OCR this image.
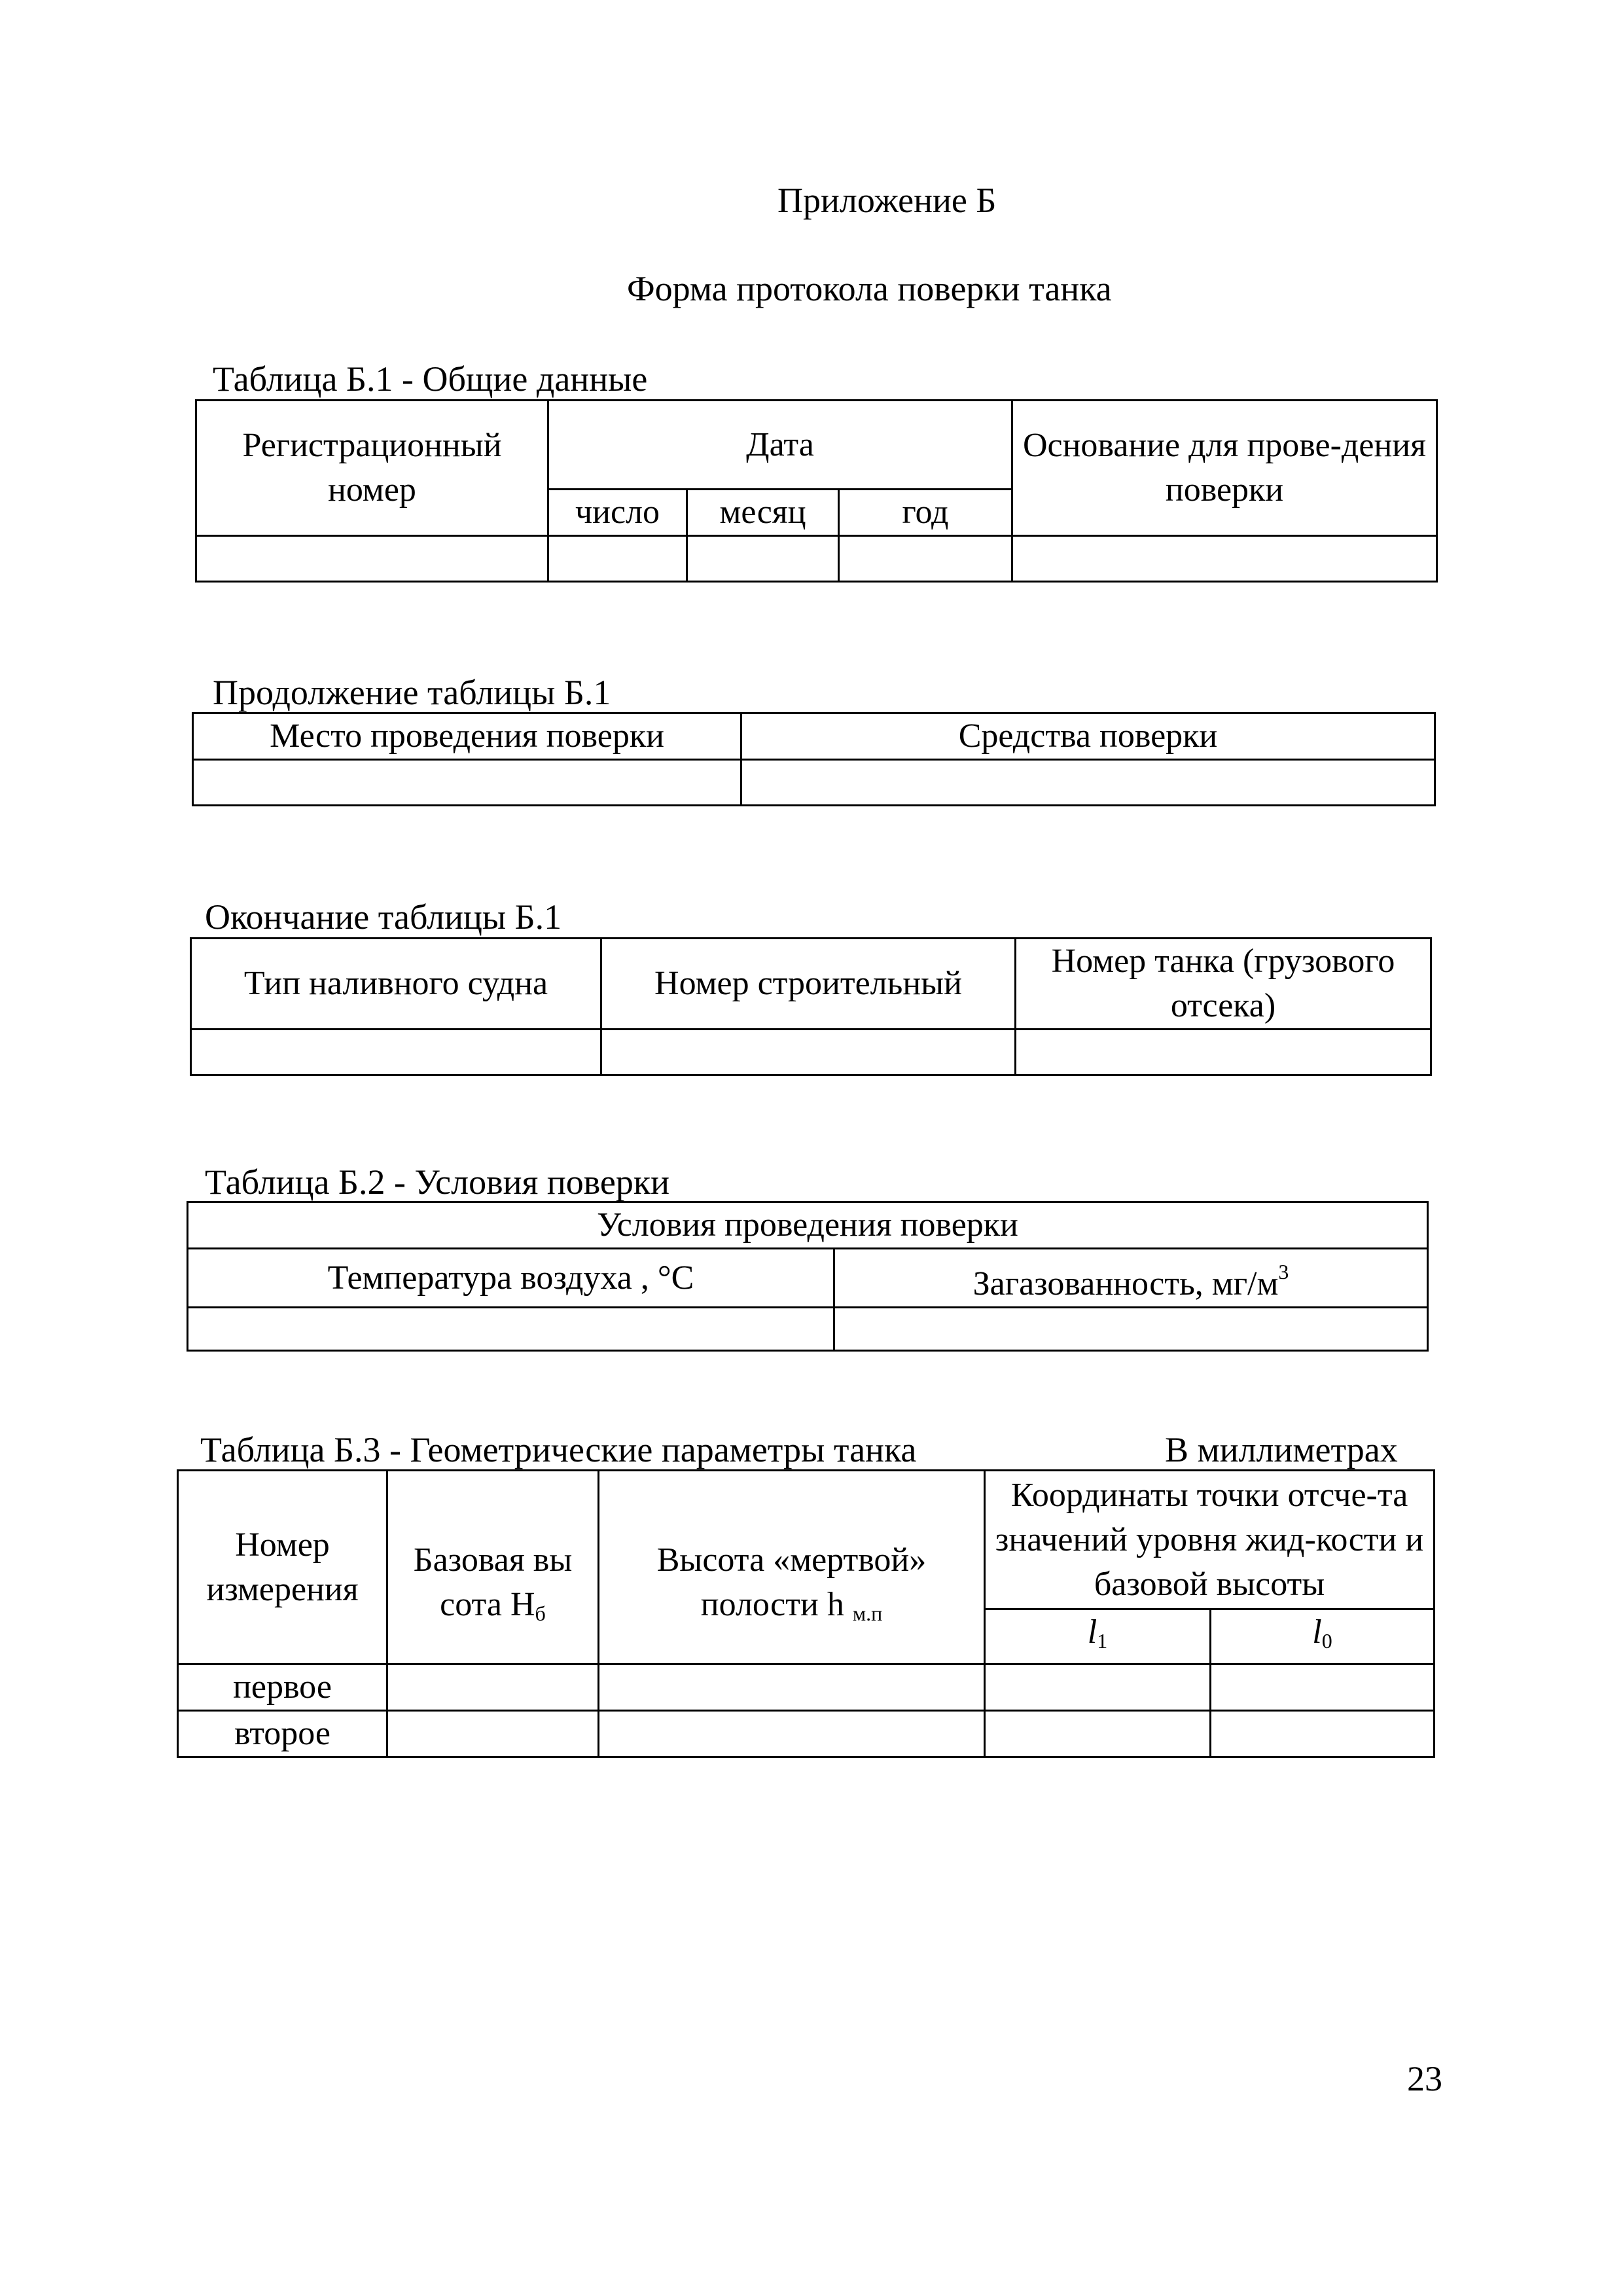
Приложение Б
Форма протокола поверки танка
Таблица Б.1 - Общие данные
Регистрационный номер	Дата			Основание для прове-дения поверки
	число	месяц	год	

Продолжение таблицы Б.1
Место проведения поверки	Средства поверки

Окончание таблицы Б.1
Тип наливного судна	Номер строительный	Номер танка (грузового отсека)

Таблица Б.2 - Условия поверки
Условия проведения поверки	
Температура воздуха , °С	Загазованность, $мг/м^3$

Таблица Б.3 - Геометрические параметры танка	В миллиметрах
Номер измерения	Базовая вы сота $H_б$	Высота «мертвой» полости h $_{м.п}$	Координаты точки отсче-та значений уровня жид-кости и базовой высоты	
			$l_1$	$l_0$
первое				
второе				
23
